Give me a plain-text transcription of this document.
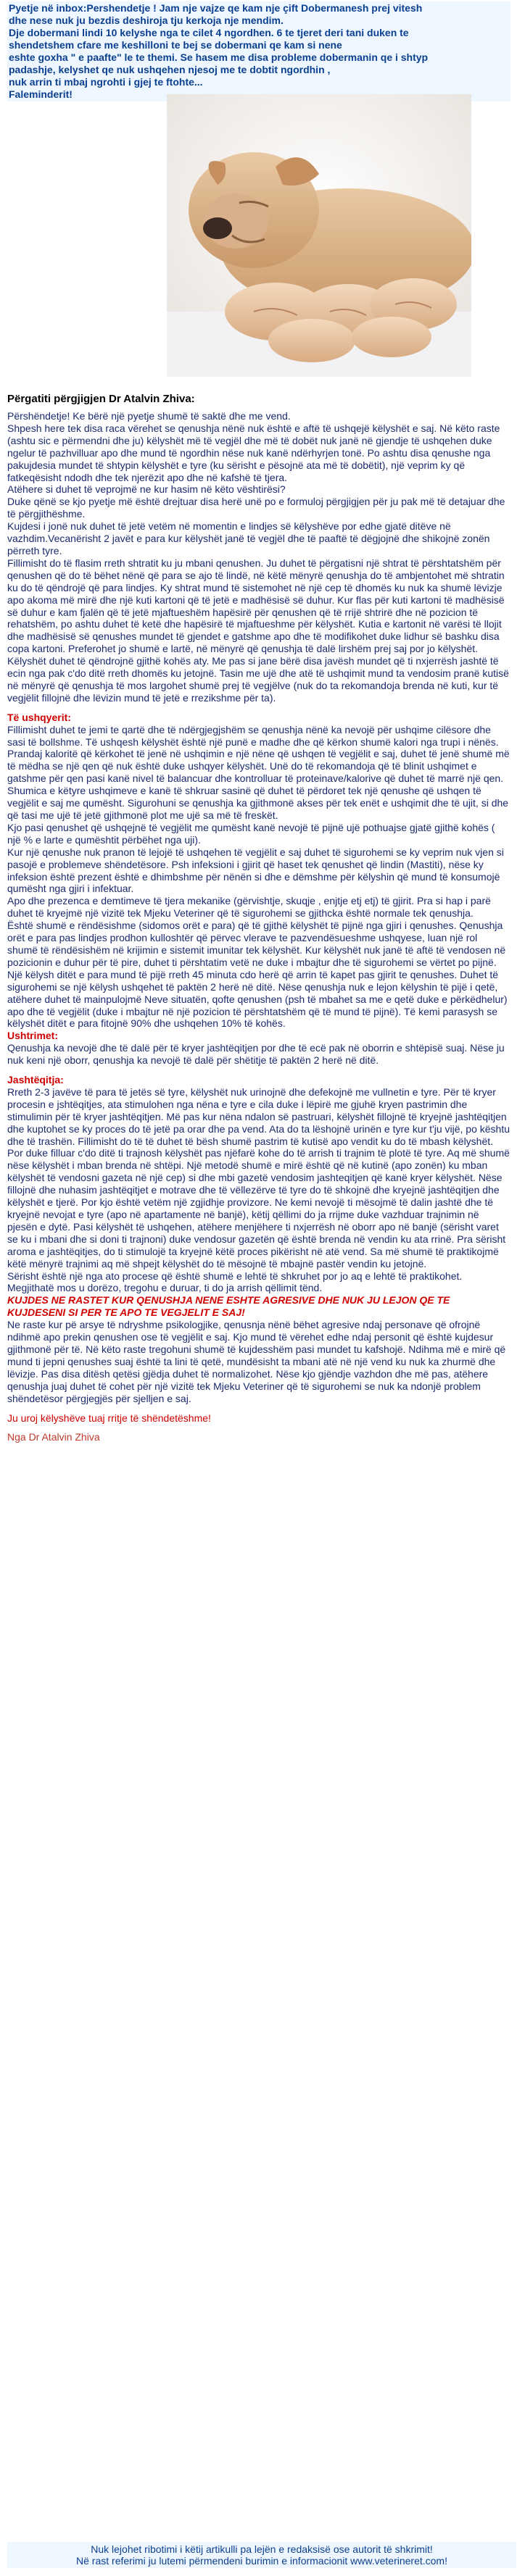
Pyetje në inbox:Pershendetje ! Jam nje vajze qe kam nje çift Dobermanesh prej vitesh

dhe nese nuk ju bezdis deshiroja tju kerkoja nje mendim.

Dje dobermani lindi 10 kelyshe nga te cilet 4 ngordhen. 6 te tjeret deri tani duken te

shendetshem cfare me keshilloni te bej se dobermani qe kam si nene

eshte goxha " e paafte" le te themi. Se hasem me disa probleme dobermanin qe i shtyp

padashje, kelyshet qe nuk ushqehen njesoj me te dobtit ngordhin ,

nuk arrin ti mbaj ngrohti i gjej te ftohte...

Faleminderit!

Përgatiti përgjigjen Dr Atalvin Zhiva:

Përshëndetje! Ke bërë një pyetje shumë të saktë dhe me vend.

Shpesh here tek disa raca vërehet se qenushja nënë nuk është e aftë të ushqejë këlyshët e saj. Në këto raste (ashtu sic e përmendni dhe ju) këlyshët më të vegjël dhe më të dobët nuk janë në gjendje të ushqehen duke ngelur të pazhvilluar apo dhe mund të ngordhin nëse nuk kanë ndërhyrjen tonë. Po ashtu disa qenushe nga pakujdesia mundet të shtypin këlyshët e tyre (ku sërisht e pësojnë ata më të dobëtit), një veprim ky që fatkeqësisht ndodh dhe tek njerëzit apo dhe në kafshë të tjera.

Atëhere si duhet të veprojmë ne kur hasim në këto vështirësi?

Duke qënë se kjo pyetje më është drejtuar disa herë unë po e formuloj përgjigjen për ju pak më të detajuar dhe të përgjithëshme.

Kujdesi i jonë nuk duhet të jetë vetëm në momentin e lindjes së këlyshëve por edhe gjatë ditëve në vazhdim.Vecanërisht 2 javët e para kur këlyshët janë të vegjël dhe të paaftë të dëgjojnë dhe shikojnë zonën përreth tyre.

Fillimisht do të flasim rreth shtratit ku ju mbani qenushen. Ju duhet të përgatisni një shtrat të përshtatshëm për qenushen që do të bëhet nënë që para se ajo të lindë, në këtë mënyrë qenushja do të ambjentohet më shtratin ku do të qëndrojë që para lindjes. Ky shtrat mund të sistemohet në një cep të dhomës ku nuk ka shumë lëvizje apo akoma më mirë dhe një kuti kartoni që të jetë e madhësisë së duhur. Kur flas për kuti kartoni të madhësisë së duhur e kam fjalën që të jetë mjaftueshëm hapësirë për qenushen që të rrijë shtrirë dhe në pozicion të rehatshëm, po ashtu duhet të ketë dhe hapësirë të mjaftueshme për këlyshët. Kutia e kartonit në varësi të llojit dhe madhësisë së qenushes mundet të gjendet e gatshme apo dhe të modifikohet duke lidhur së bashku disa copa kartoni. Preferohet jo shumë e lartë, në mënyrë që qenushja të dalë lirshëm prej saj por jo këlyshët. Këlyshët duhet të qëndrojnë gjithë kohës aty. Me pas si jane bërë disa javësh mundet që ti nxjerrësh jashtë të ecin nga pak c'do ditë rreth dhomës ku jetojnë. Tasin me ujë dhe atë të ushqimit mund ta vendosim pranë kutisë në mënyrë që qenushja të mos largohet shumë prej të vegjëlve (nuk do ta rekomandoja brenda në kuti, kur të vegjëlit fillojnë dhe lëvizin mund të jetë e rrezikshme për ta).

Të ushqyerit:

Fillimisht duhet te jemi te qartë dhe të ndërgjegjshëm se qenushja nënë ka nevojë për ushqime cilësore dhe sasi të bollshme. Të ushqesh këlyshët është një punë e madhe dhe që kërkon shumë kalori nga trupi i nënës. Prandaj kaloritë që kërkohet të jenë në ushqimin e një nëne që ushqen të vegjëlit e saj, duhet të jenë shumë më të mëdha se një qen që nuk është duke ushqyer këlyshët. Unë do të rekomandoja që të blinit ushqimet e gatshme për qen pasi kanë nivel të balancuar dhe kontrolluar të proteinave/kalorive që duhet të marrë një qen. Shumica e këtyre ushqimeve e kanë të shkruar sasinë që duhet të përdoret tek një qenushe që ushqen të vegjëlit e saj me qumësht. Sigurohuni se qenushja ka gjithmonë akses për tek enët e ushqimit dhe të ujit, si dhe që tasi me ujë të jetë gjithmonë plot me ujë sa më të freskët.

Kjo pasi qenushet që ushqejnë të vegjëlit me qumësht kanë nevojë të pijnë ujë pothuajse gjatë gjithë kohës ( një % e larte e qumështit përbëhet nga uji).

Kur një qenushe nuk pranon të lejojë të ushqehen të vegjëlit e saj duhet të sigurohemi se ky veprim nuk vjen si pasojë e problemeve shëndetësore. Psh infeksioni i gjirit që haset tek qenushet që lindin (Mastiti), nëse ky infeksion është prezent është e dhimbshme për nënën si dhe e dëmshme për këlyshin që mund të konsumojë qumësht nga gjiri i infektuar.

Apo dhe prezenca e demtimeve të tjera mekanike (gërvishtje, skuqje , enjtje etj etj) të gjirit. Pra si hap i parë duhet të kryejmë një vizitë tek Mjeku Veteriner që të sigurohemi se gjithcka është normale tek qenushja.

Është shumë e rëndësishme (sidomos orët e para) që të gjithë këlyshët të pijnë nga gjiri i qenushes. Qenushja orët e para pas lindjes prodhon kulloshtër që përvec vlerave te pazvendësueshme ushqyese, luan një rol shumë të rëndësishëm në krijimin e sistemit imunitar tek këlyshët. Kur këlyshët nuk janë të aftë të vendosen në pozicionin e duhur për të pire, duhet ti përshtatim vetë ne duke i mbajtur dhe të sigurohemi se vërtet po pijnë.

Një këlysh ditët e para mund të pijë rreth 45 minuta cdo herë që arrin të kapet pas gjirit te qenushes. Duhet të sigurohemi se një këlysh ushqehet të paktën 2 herë në ditë. Nëse qenushja nuk e lejon këlyshin të pijë i qetë, atëhere duhet të mainpulojmë Neve situatën, qofte qenushen (psh të mbahet sa me e qetë duke e përkëdhelur) apo dhe të vegjëlit (duke i mbajtur në një pozicion të përshtatshëm që të mund të pijnë). Të kemi parasysh se këlyshët ditët e para fitojnë 90% dhe ushqehen 10% të kohës.

Ushtrimet:

Qenushja ka nevojë dhe të dalë për të kryer jashtëqitjen por dhe të ecë pak në oborrin e shtëpisë suaj. Nëse ju nuk keni një oborr, qenushja ka nevojë të dalë për shëtitje të paktën 2 herë në ditë.

Jashtëqitja:

Rreth 2-3 javëve të para të jetës së tyre, këlyshët nuk urinojnë dhe defekojnë me vullnetin e tyre. Për të kryer procesin e jshtëqitjes, ata stimulohen nga nëna e tyre e cila duke i lëpirë me gjuhë kryen pastrimin dhe stimulimin për të kryer jashtëqitjen. Më pas kur nëna ndalon së pastruari, këlyshët fillojnë të kryejnë jashtëqitjen dhe kuptohet se ky proces do të jetë pa orar dhe pa vend. Ata do ta lëshojnë urinën e tyre kur t'ju vijë, po kështu dhe të trashën. Fillimisht do të të duhet të bësh shumë pastrim të kutisë apo vendit ku do të mbash këlyshët. Por duke filluar c'do ditë ti trajnosh këlyshët pas njëfarë kohe do të arrish ti trajnim të plotë të tyre. Aq më shumë nëse këlyshët i mban brenda në shtëpi. Një metodë shumë e mirë është që në kutinë (apo zonën) ku mban këlyshët të vendosni gazeta në një cep) si dhe mbi gazetë vendosim jashteqitjen që kanë kryer këlyshët. Nëse fillojnë dhe nuhasim jashtëqitjet e motrave dhe të vëllezërve të tyre do të shkojnë dhe kryejnë jashtëqitjen dhe këlyshët e tjerë. Por kjo është vetëm një zgjidhje provizore. Ne kemi nevojë ti mësojmë të dalin jashtë dhe të kryejnë nevojat e tyre (apo në apartamente në banjë), këtij qëllimi do ja rrijme duke vazhduar trajnimin në pjesën e dytë. Pasi këlyshët të ushqehen, atëhere menjëhere ti nxjerrësh në oborr apo në banjë (sërisht varet se ku i mbani dhe si doni ti trajnoni) duke vendosur gazetën që është brenda në vendin ku ata rrinë. Pra sërisht aroma e jashtëqitjes, do ti stimulojë ta kryejnë këtë proces pikërisht në atë vend. Sa më shumë të praktikojmë këtë mënyrë trajnimi aq më shpejt këlyshët do të mësojnë të mbajnë pastër vendin ku jetojnë.

Sërisht është një nga ato procese që është shumë e lehtë të shkruhet por jo aq e lehtë të praktikohet. Megjithatë mos u dorëzo, tregohu e duruar, ti do ja arrish qëllimit tënd.

KUJDES NE RASTET KUR QENUSHJA NENE ESHTE AGRESIVE DHE NUK JU LEJON QE TE KUJDESENI SI PER TE APO TE VEGJELIT E SAJ!

Ne raste kur pë arsye të ndryshme psikologjike, qenusnja nënë bëhet agresive ndaj personave që ofrojnë ndihmë apo prekin qenushen ose të vegjëlit e saj. Kjo mund të vërehet edhe ndaj personit që është kujdesur gjithmonë për të. Në këto raste tregohuni shumë të kujdesshëm pasi mundet tu kafshojë. Ndihma më e mirë që mund ti jepni qenushes suaj është ta lini të qetë, mundësisht ta mbani atë në një vend ku nuk ka zhurmë dhe lëvizje. Pas disa ditësh qetësi gjëdja duhet të normalizohet. Nëse kjo gjëndje vazhdon dhe më pas, atëhere qenushja juaj duhet të cohet për një vizitë tek Mjeku Veteriner që të sigurohemi se nuk ka ndonjë problem shëndetësor përgjegjës për sjelljen e saj.

Ju uroj këlyshëve tuaj rritje të shëndetëshme!

Nga Dr Atalvin Zhiva

Nuk lejohet ribotimi i këtij artikulli pa lejën e redaksisë ose autorit të shkrimit!

Në rast referimi ju lutemi përmendeni burimin e informacionit www.veterineret.com!
